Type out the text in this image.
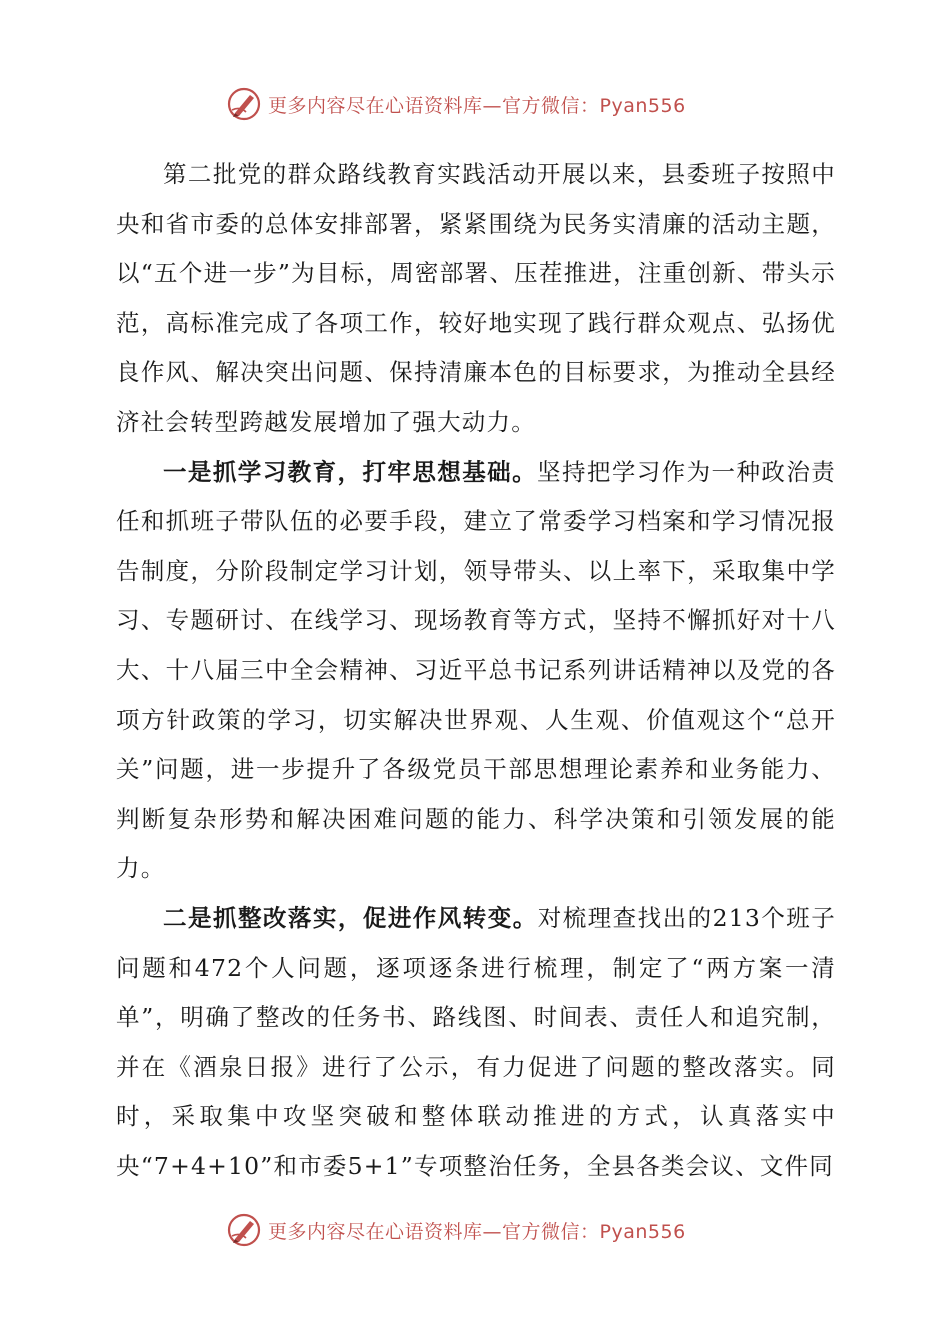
更多内容尽在心语资料库—官方微信：Pyan556

第二批党的群众路线教育实践活动开展以来，县委班子按照中央和省市委的总体安排部署，紧紧围绕为民务实清廉的活动主题，以“五个进一步”为目标，周密部署、压茬推进，注重创新、带头示范，高标准完成了各项工作，较好地实现了践行群众观点、弘扬优良作风、解决突出问题、保持清廉本色的目标要求，为推动全县经济社会转型跨越发展增加了强大动力。

一是抓学习教育，打牢思想基础。坚持把学习作为一种政治责任和抓班子带队伍的必要手段，建立了常委学习档案和学习情况报告制度，分阶段制定学习计划，领导带头、以上率下，采取集中学习、专题研讨、在线学习、现场教育等方式，坚持不懈抓好对十八大、十八届三中全会精神、习近平总书记系列讲话精神以及党的各项方针政策的学习，切实解决世界观、人生观、价值观这个“总开关”问题，进一步提升了各级党员干部思想理论素养和业务能力、判断复杂形势和解决困难问题的能力、科学决策和引领发展的能力。

二是抓整改落实，促进作风转变。对梳理查找出的213个班子问题和472个人问题，逐项逐条进行梳理，制定了“两方案一清单”，明确了整改的任务书、路线图、时间表、责任人和追究制，并在《酒泉日报》进行了公示，有力促进了问题的整改落实。同时，采取集中攻坚突破和整体联动推进的方式，认真落实中央“7+4+10”和市委5+1”专项整治任务，全县各类会议、文件同

更多内容尽在心语资料库—官方微信：Pyan556
